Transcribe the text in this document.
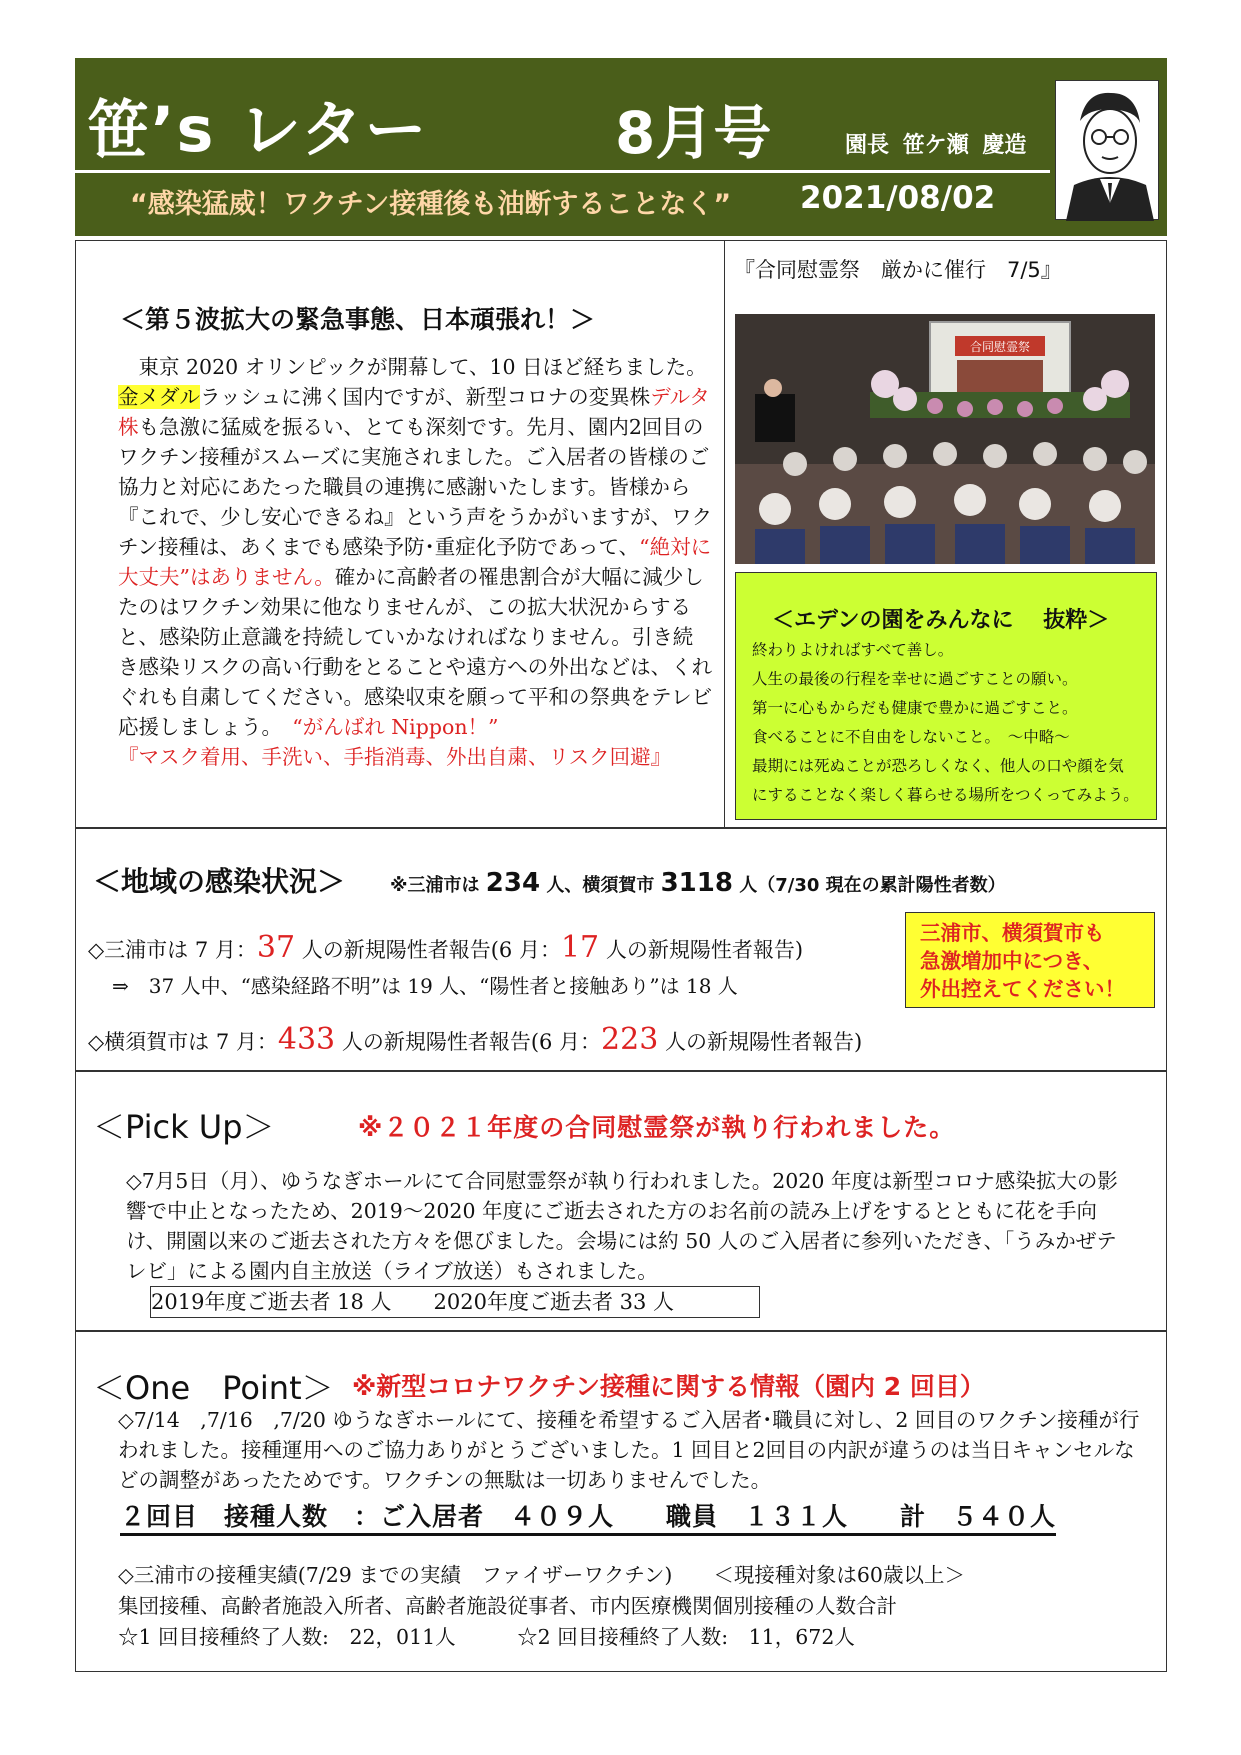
笹’s レター	8月号	園長 笹ケ瀬 慶造
“感染猛威！ワクチン接種後も油断することなく” 2021/08/02
＜第５波拡大の緊急事態、日本頑張れ！＞
　東京 2020 オリンピックが開幕して、10 日ほど経ちました。金メダルラッシュに沸く国内ですが、新型コロナの変異株デルタ株も急激に猛威を振るい、とても深刻です。先月、園内2回目のワクチン接種がスムーズに実施されました。ご入居者の皆様のご協力と対応にあたった職員の連携に感謝いたします。皆様から『これで、少し安心できるね』という声をうかがいますが、ワクチン接種は、あくまでも感染予防･重症化予防であって、“絶対に大丈夫”はありません。確かに高齢者の罹患割合が大幅に減少したのはワクチン効果に他なりませんが、この拡大状況からすると、感染防止意識を持続していかなければなりません。引き続き感染リスクの高い行動をとることや遠方への外出などは、くれぐれも自粛してください。感染収束を願って平和の祭典をテレビ応援しましょう。　 “がんばれ Nippon！”
『マスク着用、手洗い、手指消毒、外出自粛、リスク回避』
『合同慰霊祭　厳かに催行　7/5』
合同慰霊祭
＜エデンの園をみんなに　 抜粋＞
終わりよければすべて善し。
人生の最後の行程を幸せに過ごすことの願い。
第一に心もからだも健康で豊かに過ごすこと。
食べることに不自由をしないこと。　～中略～
最期には死ぬことが恐ろしくなく、他人の口や顔を気
にすることなく楽しく暮らせる場所をつくってみよう。
＜地域の感染状況＞ ※三浦市は 234 人、横須賀市 3118 人（7/30 現在の累計陽性者数）
◇三浦市は 7 月：37 人の新規陽性者報告(6 月：17 人の新規陽性者報告)
⇒　37 人中、“感染経路不明”は 19 人、“陽性者と接触あり”は 18 人
◇横須賀市は 7 月：433 人の新規陽性者報告(6 月：223 人の新規陽性者報告)
三浦市、横須賀市も
急激増加中につき、
外出控えてください！
＜Pick Up＞	※２０２１年度の合同慰霊祭が執り行われました。
◇7月5日（月）、ゆうなぎホールにて合同慰霊祭が執り行われました。2020 年度は新型コロナ感染拡大の影響で中止となったため、2019～2020 年度にご逝去された方のお名前の読み上げをするとともに花を手向け、開園以来のご逝去された方々を偲びました。会場には約 50 人のご入居者に参列いただき、「うみかぜテレビ」による園内自主放送（ライブ放送）もされました。
2019年度ご逝去者 18 人　　2020年度ご逝去者 33 人
＜One　Point＞ ※新型コロナワクチン接種に関する情報（園内 2 回目）
◇7/14　,7/16　,7/20 ゆうなぎホールにて、接種を希望するご入居者･職員に対し、2 回目のワクチン接種が行われました。接種運用へのご協力ありがとうございました。1 回目と2回目の内訳が違うのは当日キャンセルなどの調整があったためです。ワクチンの無駄は一切ありませんでした。
２回目　接種人数　：ご入居者　４０９人　　職員　１３１人　　計　５４０人
◇三浦市の接種実績(7/29 までの実績　ファイザーワクチン)　　＜現接種対象は60歳以上＞
集団接種、高齢者施設入所者、高齢者施設従事者、市内医療機関個別接種の人数合計
☆1 回目接種終了人数:　22，011人　　　☆2 回目接種終了人数:　11，672人
